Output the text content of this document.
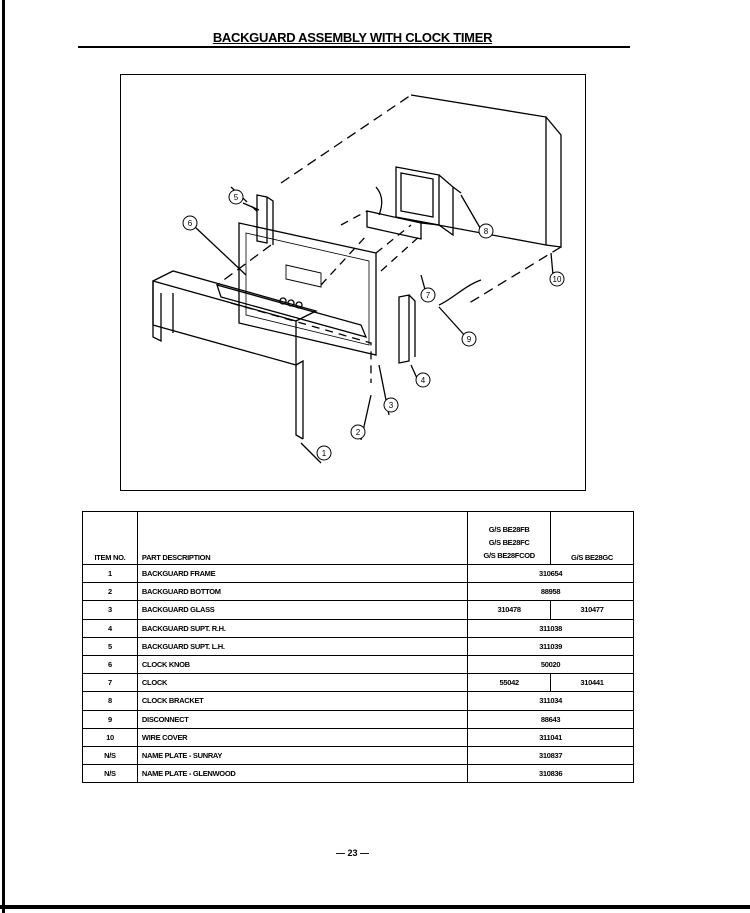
BACKGUARD ASSEMBLY WITH CLOCK TIMER
1
2
3
4
5
6
7
8
9
10
ITEM NO.	PART DESCRIPTION	G/S BE28FB
G/S BE28FC
G/S BE28FCOD	G/S BE28GC
1	BACKGUARD FRAME	310654	
2	BACKGUARD BOTTOM	88958	
3	BACKGUARD GLASS	310478	310477
4	BACKGUARD SUPT. R.H.	311038	
5	BACKGUARD SUPT. L.H.	311039	
6	CLOCK KNOB	50020	
7	CLOCK	55042	310441
8	CLOCK BRACKET	311034	
9	DISCONNECT	88643	
10	WIRE COVER	311041	
N/S	NAME PLATE - SUNRAY	310837	
N/S	NAME PLATE - GLENWOOD	310836	
— 23 —
